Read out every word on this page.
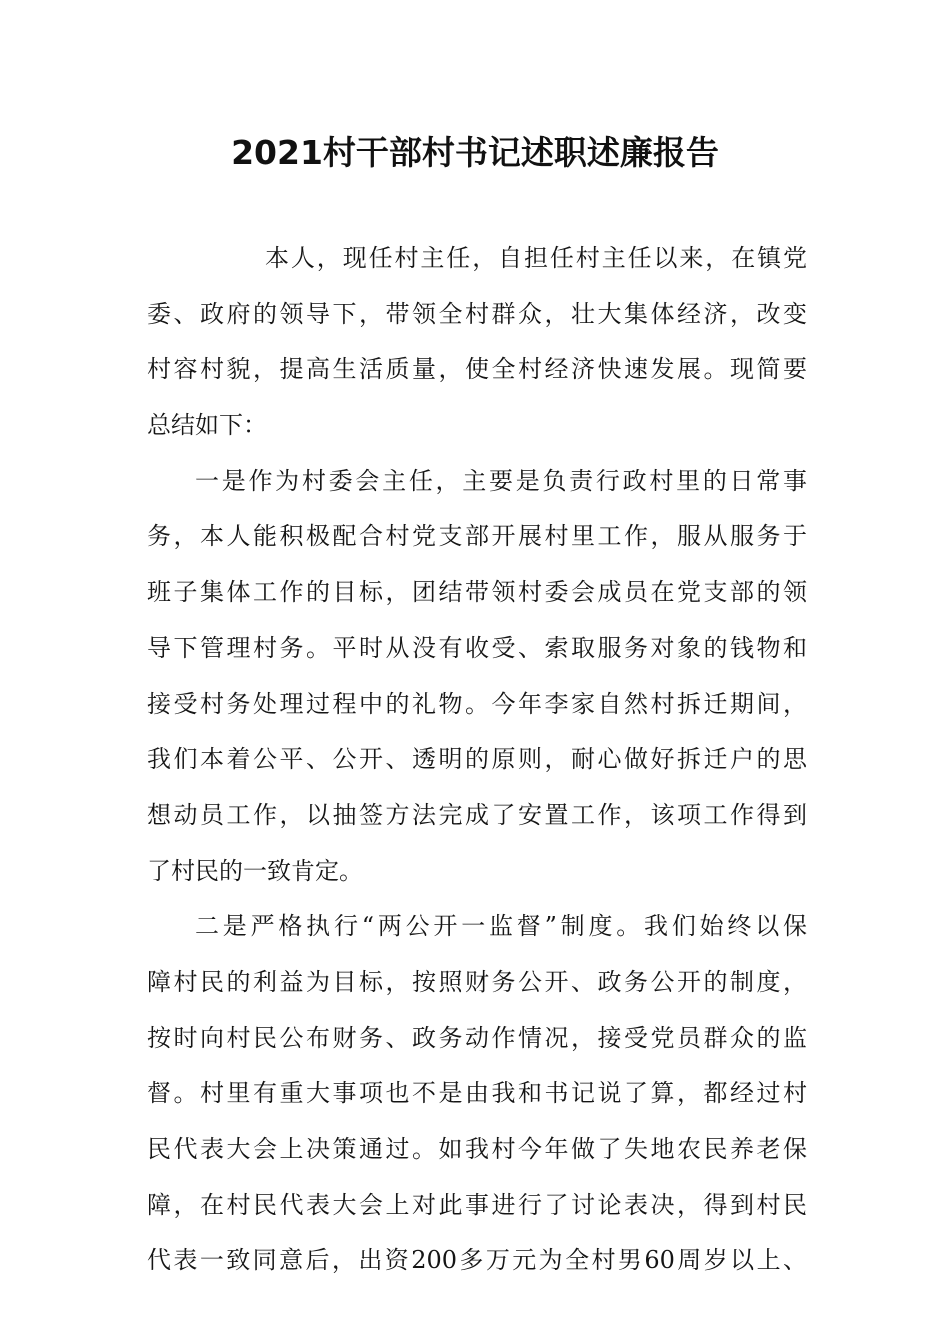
2021村干部村书记述职述廉报告
本人，现任村主任，自担任村主任以来，在镇党
委、政府的领导下，带领全村群众，壮大集体经济，改变
村容村貌，提高生活质量，使全村经济快速发展。现简要
总结如下：
一是作为村委会主任，主要是负责行政村里的日常事
务，本人能积极配合村党支部开展村里工作，服从服务于
班子集体工作的目标，团结带领村委会成员在党支部的领
导下管理村务。平时从没有收受、索取服务对象的钱物和
接受村务处理过程中的礼物。今年李家自然村拆迁期间，
我们本着公平、公开、透明的原则，耐心做好拆迁户的思
想动员工作，以抽签方法完成了安置工作，该项工作得到
了村民的一致肯定。
二是严格执行“两公开一监督”制度。我们始终以保
障村民的利益为目标，按照财务公开、政务公开的制度，
按时向村民公布财务、政务动作情况，接受党员群众的监
督。村里有重大事项也不是由我和书记说了算，都经过村
民代表大会上决策通过。如我村今年做了失地农民养老保
障，在村民代表大会上对此事进行了讨论表决，得到村民
代表一致同意后，出资200多万元为全村男60周岁以上、
